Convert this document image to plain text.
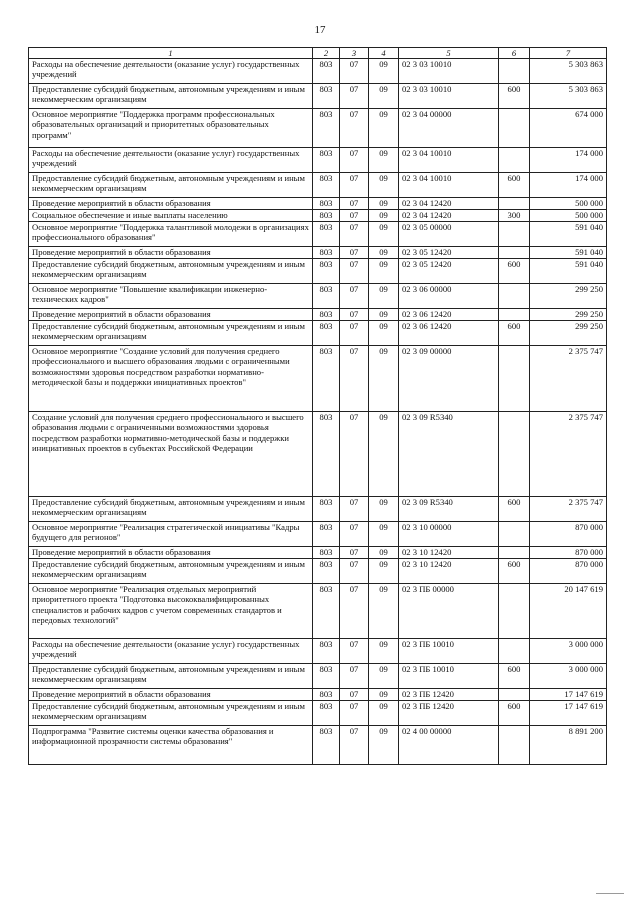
17
1	2	3	4	5	6	7
Расходы на обеспечение деятельности (оказание услуг) государственных учреждений	803	07	09	02 3 03 10010		5 303 863
Предоставление субсидий бюджетным, автономным учреждениям и иным некоммерческим организациям	803	07	09	02 3 03 10010	600	5 303 863
Основное мероприятие "Поддержка программ профессиональных образовательных организаций и приоритетных образовательных программ"	803	07	09	02 3 04 00000		674 000
Расходы на обеспечение деятельности (оказание услуг) государственных учреждений	803	07	09	02 3 04 10010		174 000
Предоставление субсидий бюджетным, автономным учреждениям и иным некоммерческим организациям	803	07	09	02 3 04 10010	600	174 000
Проведение мероприятий в области образования	803	07	09	02 3 04 12420		500 000
Социальное обеспечение и иные выплаты населению	803	07	09	02 3 04 12420	300	500 000
Основное мероприятие "Поддержка талантливой молодежи в организациях профессионального образования"	803	07	09	02 3 05 00000		591 040
Проведение мероприятий в области образования	803	07	09	02 3 05 12420		591 040
Предоставление субсидий бюджетным, автономным учреждениям и иным некоммерческим организациям	803	07	09	02 3 05 12420	600	591 040
Основное мероприятие "Повышение квалификации инженерно-технических кадров"	803	07	09	02 3 06 00000		299 250
Проведение мероприятий в области образования	803	07	09	02 3 06 12420		299 250
Предоставление субсидий бюджетным, автономным учреждениям и иным некоммерческим организациям	803	07	09	02 3 06 12420	600	299 250
Основное мероприятие "Создание условий для получения среднего профессионального и высшего образования людьми с ограниченными возможностями здоровья посредством разработки нормативно-методической базы и поддержки инициативных проектов"	803	07	09	02 3 09 00000		2 375 747
Создание условий для получения среднего профессионального и высшего образования людьми с ограниченными возможностями здоровья посредством разработки нормативно-методической базы и поддержки инициативных проектов в субъектах Российской Федерации	803	07	09	02 3 09 R5340		2 375 747
Предоставление субсидий бюджетным, автономным учреждениям и иным некоммерческим организациям	803	07	09	02 3 09 R5340	600	2 375 747
Основное мероприятие "Реализация стратегической инициативы "Кадры будущего для регионов"	803	07	09	02 3 10 00000		870 000
Проведение мероприятий в области образования	803	07	09	02 3 10 12420		870 000
Предоставление субсидий бюджетным, автономным учреждениям и иным некоммерческим организациям	803	07	09	02 3 10 12420	600	870 000
Основное мероприятие "Реализация отдельных мероприятий приоритетного проекта "Подготовка высококвалифицированных специалистов и рабочих кадров с учетом современных стандартов и передовых технологий"	803	07	09	02 3 ПБ 00000		20 147 619
Расходы на обеспечение деятельности (оказание услуг) государственных учреждений	803	07	09	02 3 ПБ 10010		3 000 000
Предоставление субсидий бюджетным, автономным учреждениям и иным некоммерческим организациям	803	07	09	02 3 ПБ 10010	600	3 000 000
Проведение мероприятий в области образования	803	07	09	02 3 ПБ 12420		17 147 619
Предоставление субсидий бюджетным, автономным учреждениям и иным некоммерческим организациям	803	07	09	02 3 ПБ 12420	600	17 147 619
Подпрограмма "Развитие системы оценки качества образования и информационной прозрачности системы образования"	803	07	09	02 4 00 00000		8 891 200
